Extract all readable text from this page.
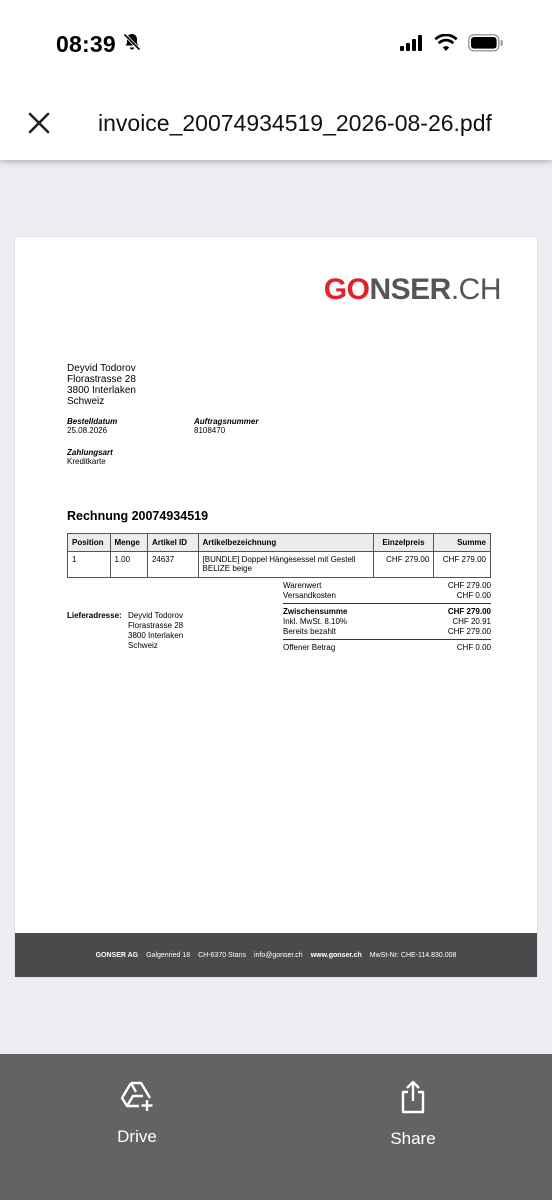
08:39
invoice_20074934519_2026-08-26.pdf
GONSER.CH
Deyvid Todorov
Florastrasse 28
3800 Interlaken
Schweiz
Bestelldatum
25.08.2026
Auftragsnummer
8108470
Zahlungsart
Kreditkarte
Rechnung 20074934519
Position	Menge	Artikel ID	Artikelbezeichnung	Einzelpreis	Summe
1	1.00	24637	[BUNDLE] Doppel Hängesessel mit Gestell BELIZE beige	CHF 279.00	CHF 279.00
Warenwert	CHF 279.00
Versandkosten	CHF 0.00
Zwischensumme	CHF 279.00
Inkl. MwSt. 8.10%	CHF 20.91
Bereits bezahlt	CHF 279.00
Offener Betrag	CHF 0.00
Lieferadresse: Deyvid Todorov
Florastrasse 28
3800 Interlaken
Schweiz
GONSER AG Galgenried 18 CH-6370 Stans info@gonser.ch www.gonser.ch MwSt-Nr: CHE-114.830.008
Drive	Share
